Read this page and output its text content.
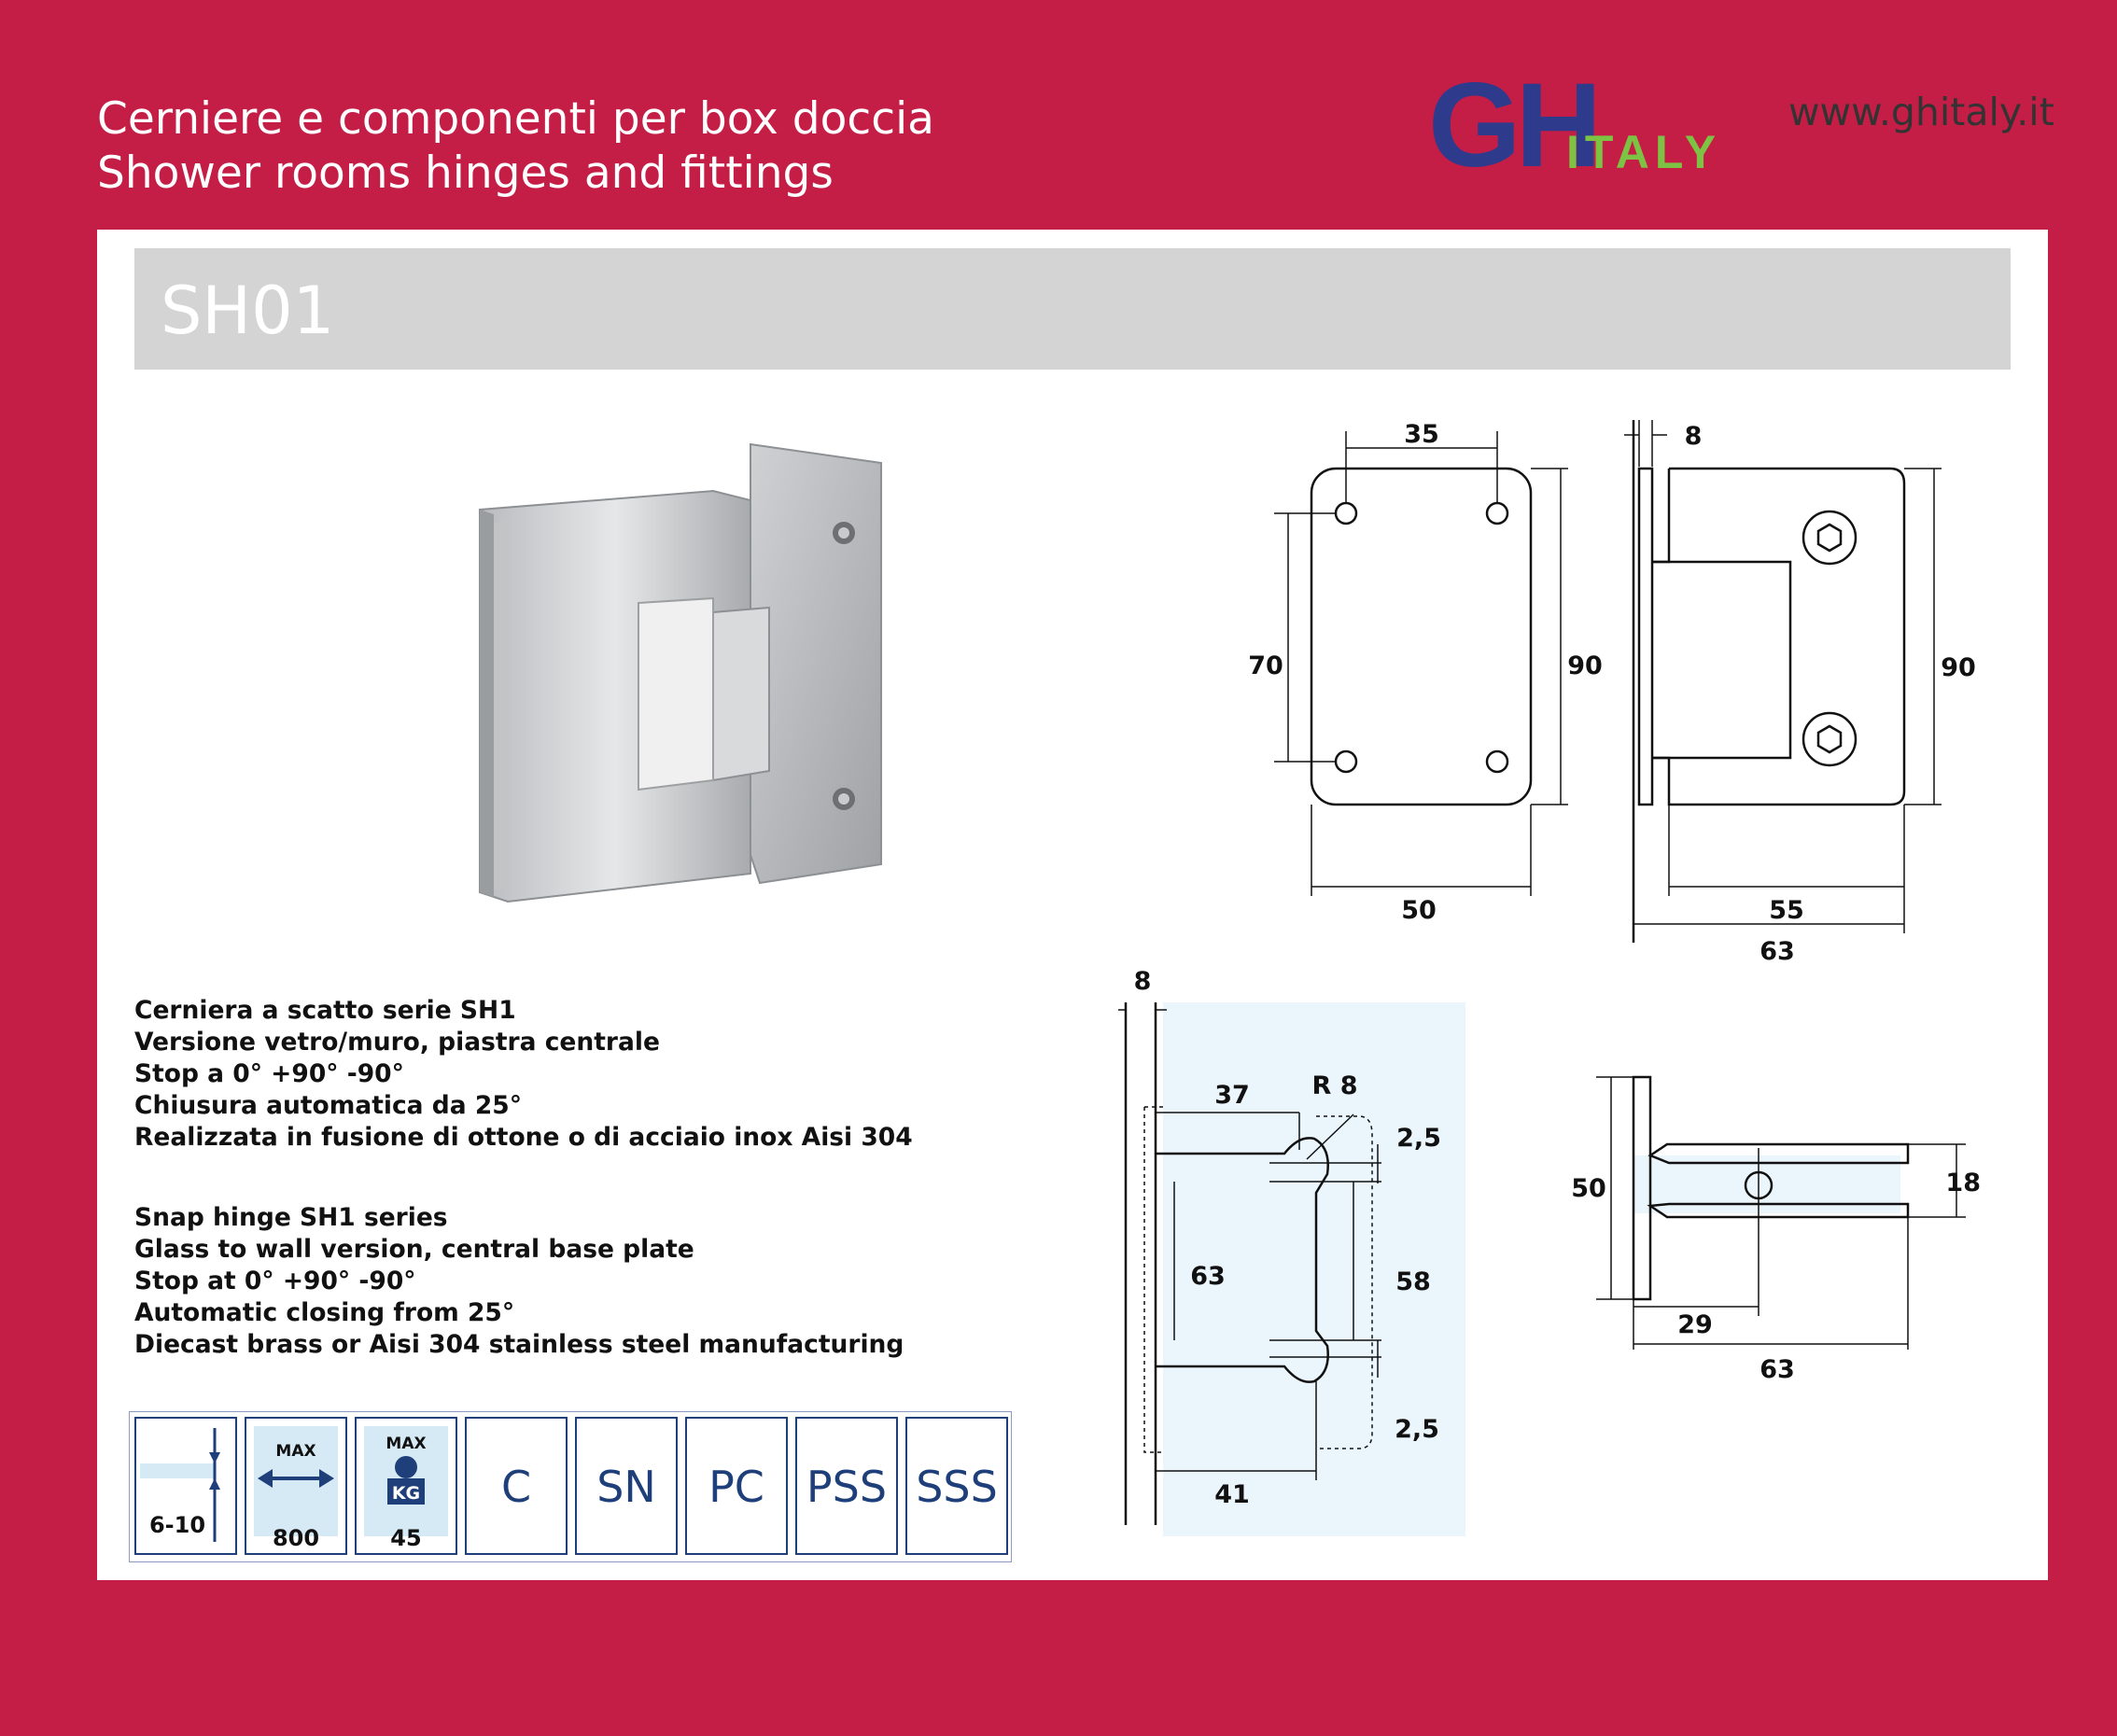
Cerniere e componenti per box doccia
Shower rooms hinges and fittings	GH
ITALY
www.ghitaly.it
SH01
Cerniera a scatto serie SH1
Versione vetro/muro, piastra centrale
Stop a 0° +90° -90°
Chiusura automatica da 25°
Realizzata in fusione di ottone o di acciaio inox Aisi 304
Snap hinge SH1 series
Glass to wall version, central base plate
Stop at 0° +90° -90°
Automatic closing from 25°
Diecast brass or Aisi 304 stainless steel manufacturing
6-10
MAX
800
MAX
KG
45
C	SN	PC PSS SSS
35
70	90
50
8
90
55
63
8
37 R 8
2,5
63	58
2,5
41
50	18
29
63
